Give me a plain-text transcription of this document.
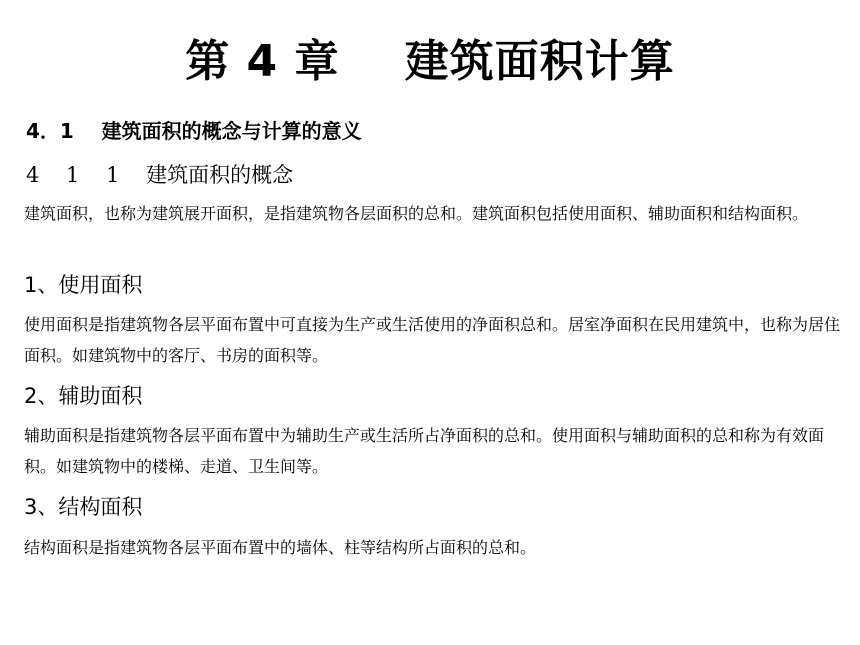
第 4 章    建筑面积计算
4．1    建筑面积的概念与计算的意义
4    1    1    建筑面积的概念
建筑面积，也称为建筑展开面积，是指建筑物各层面积的总和。建筑面积包括使用面积、辅助面积和结构面积。
1、使用面积
使用面积是指建筑物各层平面布置中可直接为生产或生活使用的净面积总和。居室净面积在民用建筑中，也称为居住面积。如建筑物中的客厅、书房的面积等。
2、辅助面积
辅助面积是指建筑物各层平面布置中为辅助生产或生活所占净面积的总和。使用面积与辅助面积的总和称为有效面积。如建筑物中的楼梯、走道、卫生间等。
3、结构面积
结构面积是指建筑物各层平面布置中的墙体、柱等结构所占面积的总和。
